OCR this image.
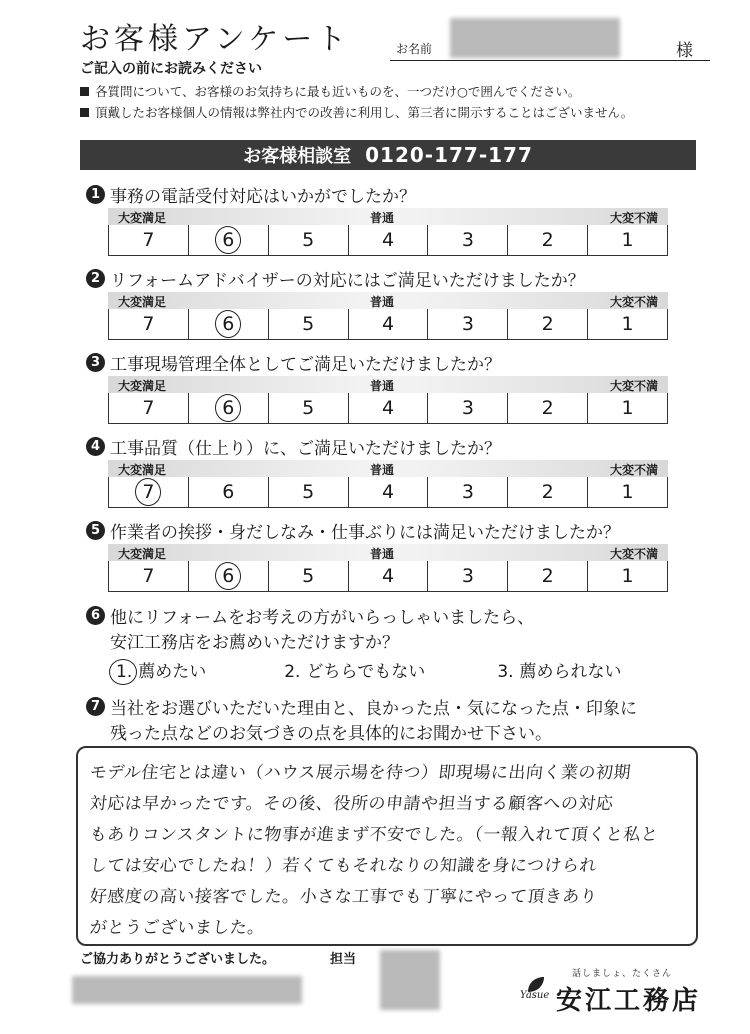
お客様アンケート	お名前	様
ご記入の前にお読みください
各質問について、お客様のお気持ちに最も近いものを、一つだけ○で囲んでください。
頂戴したお客様個人の情報は弊社内での改善に利用し、第三者に開示することはございません。
お客様相談室 0120-177-177
1 事務の電話受付対応はいかがでしたか？
大変満足	普通	大変不満
7	6	5	4	3	2	1
2 リフォームアドバイザーの対応にはご満足いただけましたか？
大変満足	普通	大変不満
7	6	5	4	3	2	1
3 工事現場管理全体としてご満足いただけましたか？
大変満足	普通	大変不満
7	6	5	4	3	2	1
4 工事品質（仕上り）に、ご満足いただけましたか？
大変満足	普通	大変不満
7	6	5	4	3	2	1
5 作業者の挨拶・身だしなみ・仕事ぶりには満足いただけましたか？
大変満足	普通	大変不満
7	6	5	4	3	2	1
6 他にリフォームをお考えの方がいらっしゃいましたら、
安江工務店をお薦めいただけますか？
1. 薦めたい	2. どちらでもない	3. 薦められない
7 当社をお選びいただいた理由と、良かった点・気になった点・印象に
残った点などのお気づきの点を具体的にお聞かせ下さい。
モデル住宅とは違い（ハウス展示場を待つ）即現場に出向く業の初期
対応は早かったです。その後、役所の申請や担当する顧客への対応
もありコンスタントに物事が進まず不安でした。（一報入れて頂くと私と
しては安心でしたね！）若くてもそれなりの知識を身につけられ
好感度の高い接客でした。小さな工事でも丁寧にやって頂きあり
がとうございました。
ご協力ありがとうございました。	担当
話しましょ、たくさん
Yasue 安江工務店
